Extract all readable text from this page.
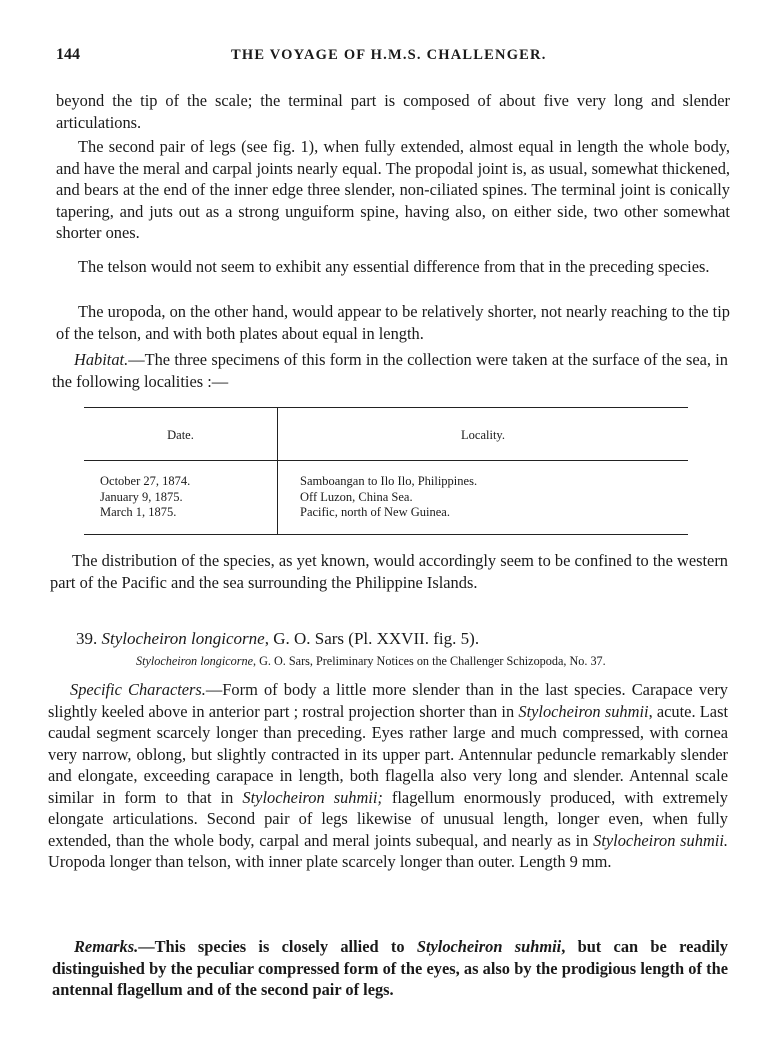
144	THE VOYAGE OF H.M.S. CHALLENGER.

beyond the tip of the scale; the terminal part is composed of about five very long and slender articulations.

The second pair of legs (see fig. 1), when fully extended, almost equal in length the whole body, and have the meral and carpal joints nearly equal. The propodal joint is, as usual, somewhat thickened, and bears at the end of the inner edge three slender, non-ciliated spines. The terminal joint is conically tapering, and juts out as a strong unguiform spine, having also, on either side, two other somewhat shorter ones.

The telson would not seem to exhibit any essential difference from that in the preceding species.

The uropoda, on the other hand, would appear to be relatively shorter, not nearly reaching to the tip of the telson, and with both plates about equal in length.

Habitat.—The three specimens of this form in the collection were taken at the surface of the sea, in the following localities :—

Date.
October 27, 1874.
January 9, 1875.
March 1, 1875.
Locality.
Samboangan to Ilo Ilo, Philippines.
Off Luzon, China Sea.
Pacific, north of New Guinea.

The distribution of the species, as yet known, would accordingly seem to be confined to the western part of the Pacific and the sea surrounding the Philippine Islands.

39. Stylocheiron longicorne, G. O. Sars (Pl. XXVII. fig. 5).

Stylocheiron longicorne, G. O. Sars, Preliminary Notices on the Challenger Schizopoda, No. 37.

Specific Characters.—Form of body a little more slender than in the last species. Carapace very slightly keeled above in anterior part ; rostral projection shorter than in Stylocheiron suhmii, acute. Last caudal segment scarcely longer than preceding. Eyes rather large and much compressed, with cornea very narrow, oblong, but slightly contracted in its upper part. Antennular peduncle remarkably slender and elongate, exceeding carapace in length, both flagella also very long and slender. Antennal scale similar in form to that in Stylocheiron suhmii; flagellum enormously produced, with extremely elongate articulations. Second pair of legs likewise of unusual length, longer even, when fully extended, than the whole body, carpal and meral joints subequal, and nearly as in Stylocheiron suhmii. Uropoda longer than telson, with inner plate scarcely longer than outer. Length 9 mm.

Remarks.—This species is closely allied to Stylocheiron suhmii, but can be readily distinguished by the peculiar compressed form of the eyes, as also by the prodigious length of the antennal flagellum and of the second pair of legs.
